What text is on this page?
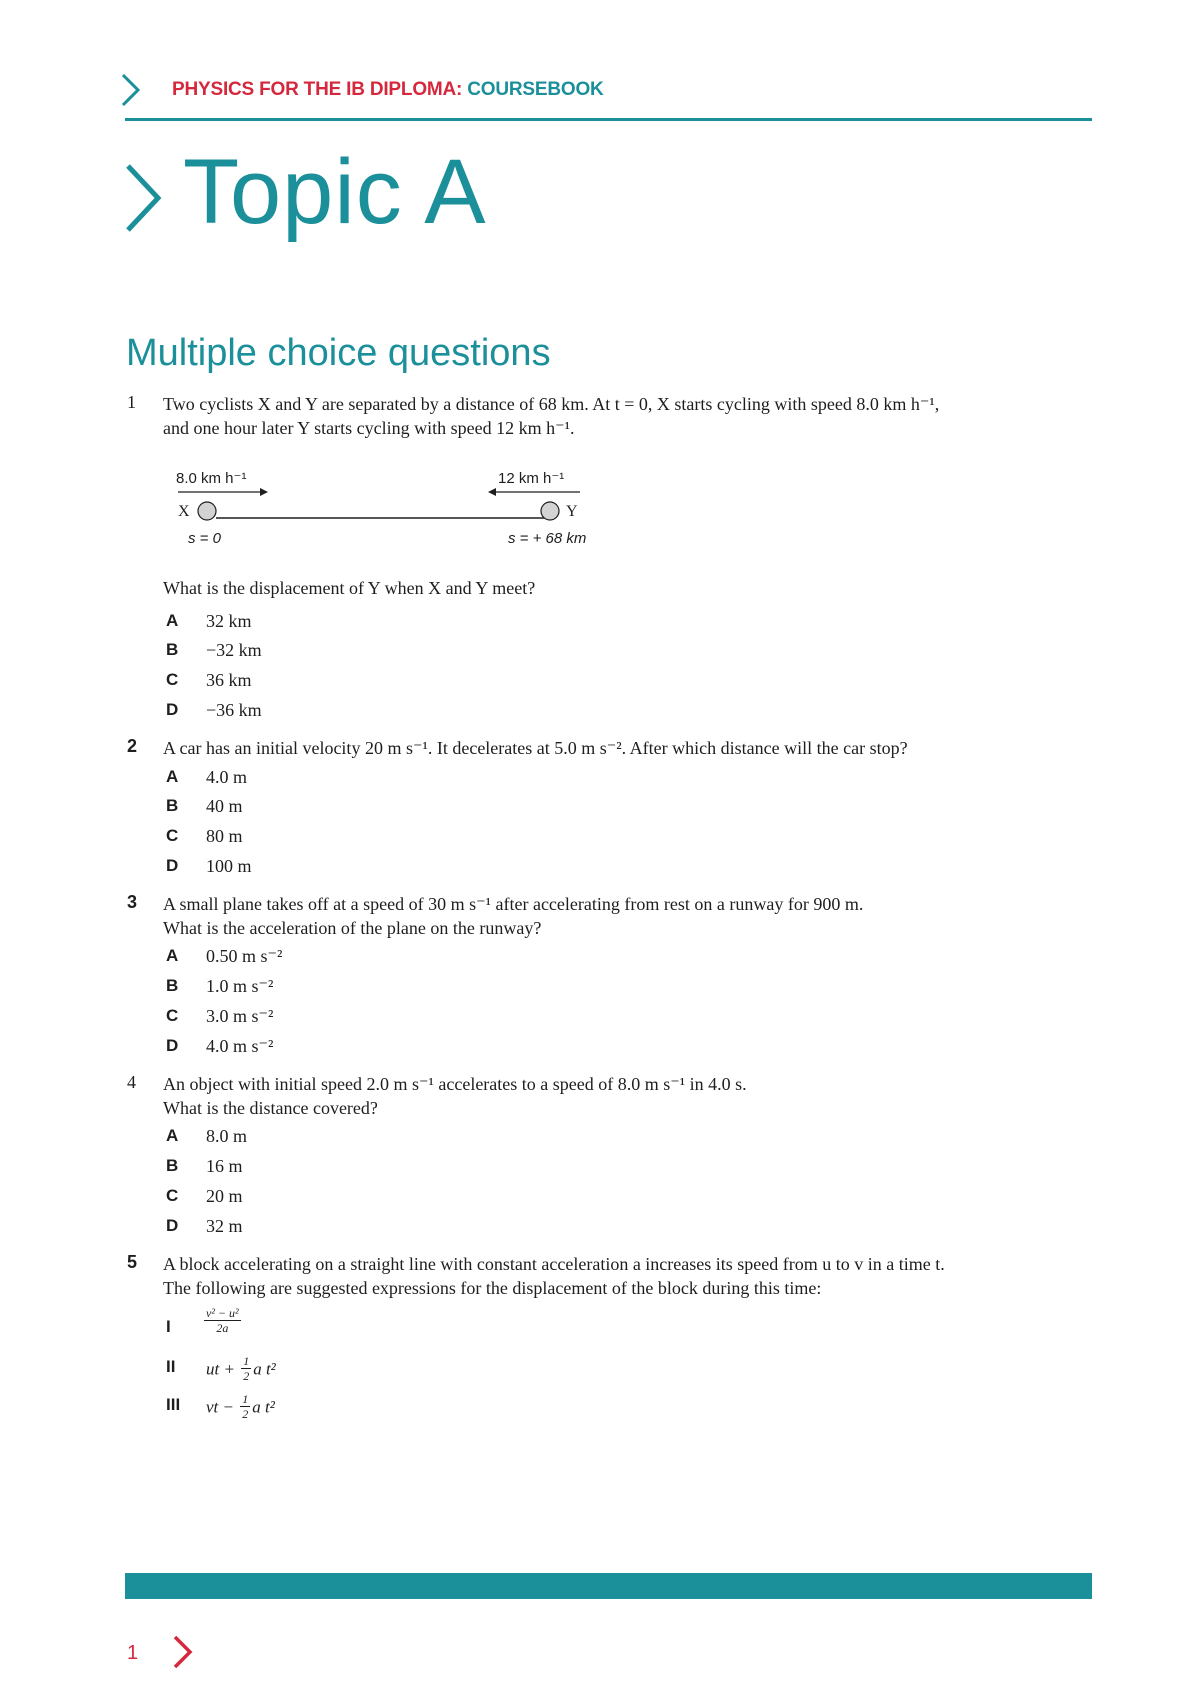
PHYSICS FOR THE IB DIPLOMA: COURSEBOOK
Topic A
Multiple choice questions
1	Two cyclists X and Y are separated by a distance of 68 km. At t = 0, X starts cycling with speed 8.0 km h⁻¹,
and one hour later Y starts cycling with speed 12 km h⁻¹.
8.0 km h⁻¹	12 km h⁻¹
X	Y
s = 0	s = + 68 km
What is the displacement of Y when X and Y meet?
A 32 km
B −32 km
C 36 km
D −36 km
2	A car has an initial velocity 20 m s⁻¹. It decelerates at 5.0 m s⁻². After which distance will the car stop?
A 4.0 m
B 40 m
C 80 m
D 100 m
3	A small plane takes off at a speed of 30 m s⁻¹ after accelerating from rest on a runway for 900 m.
What is the acceleration of the plane on the runway?
A 0.50 m s⁻²
B 1.0 m s⁻²
C 3.0 m s⁻²
D 4.0 m s⁻²
4	An object with initial speed 2.0 m s⁻¹ accelerates to a speed of 8.0 m s⁻¹ in 4.0 s.
What is the distance covered?
A 8.0 m
B 16 m
C 20 m
D 32 m
5	A block accelerating on a straight line with constant acceleration a increases its speed from u to v in a time t.
The following are suggested expressions for the displacement of the block during this time:
I	$\frac{\text{v² − u²}}{2a}$
II ut + $\frac{1}{2}$ a t²
III vt − $\frac{1}{2}$ a t²
1
